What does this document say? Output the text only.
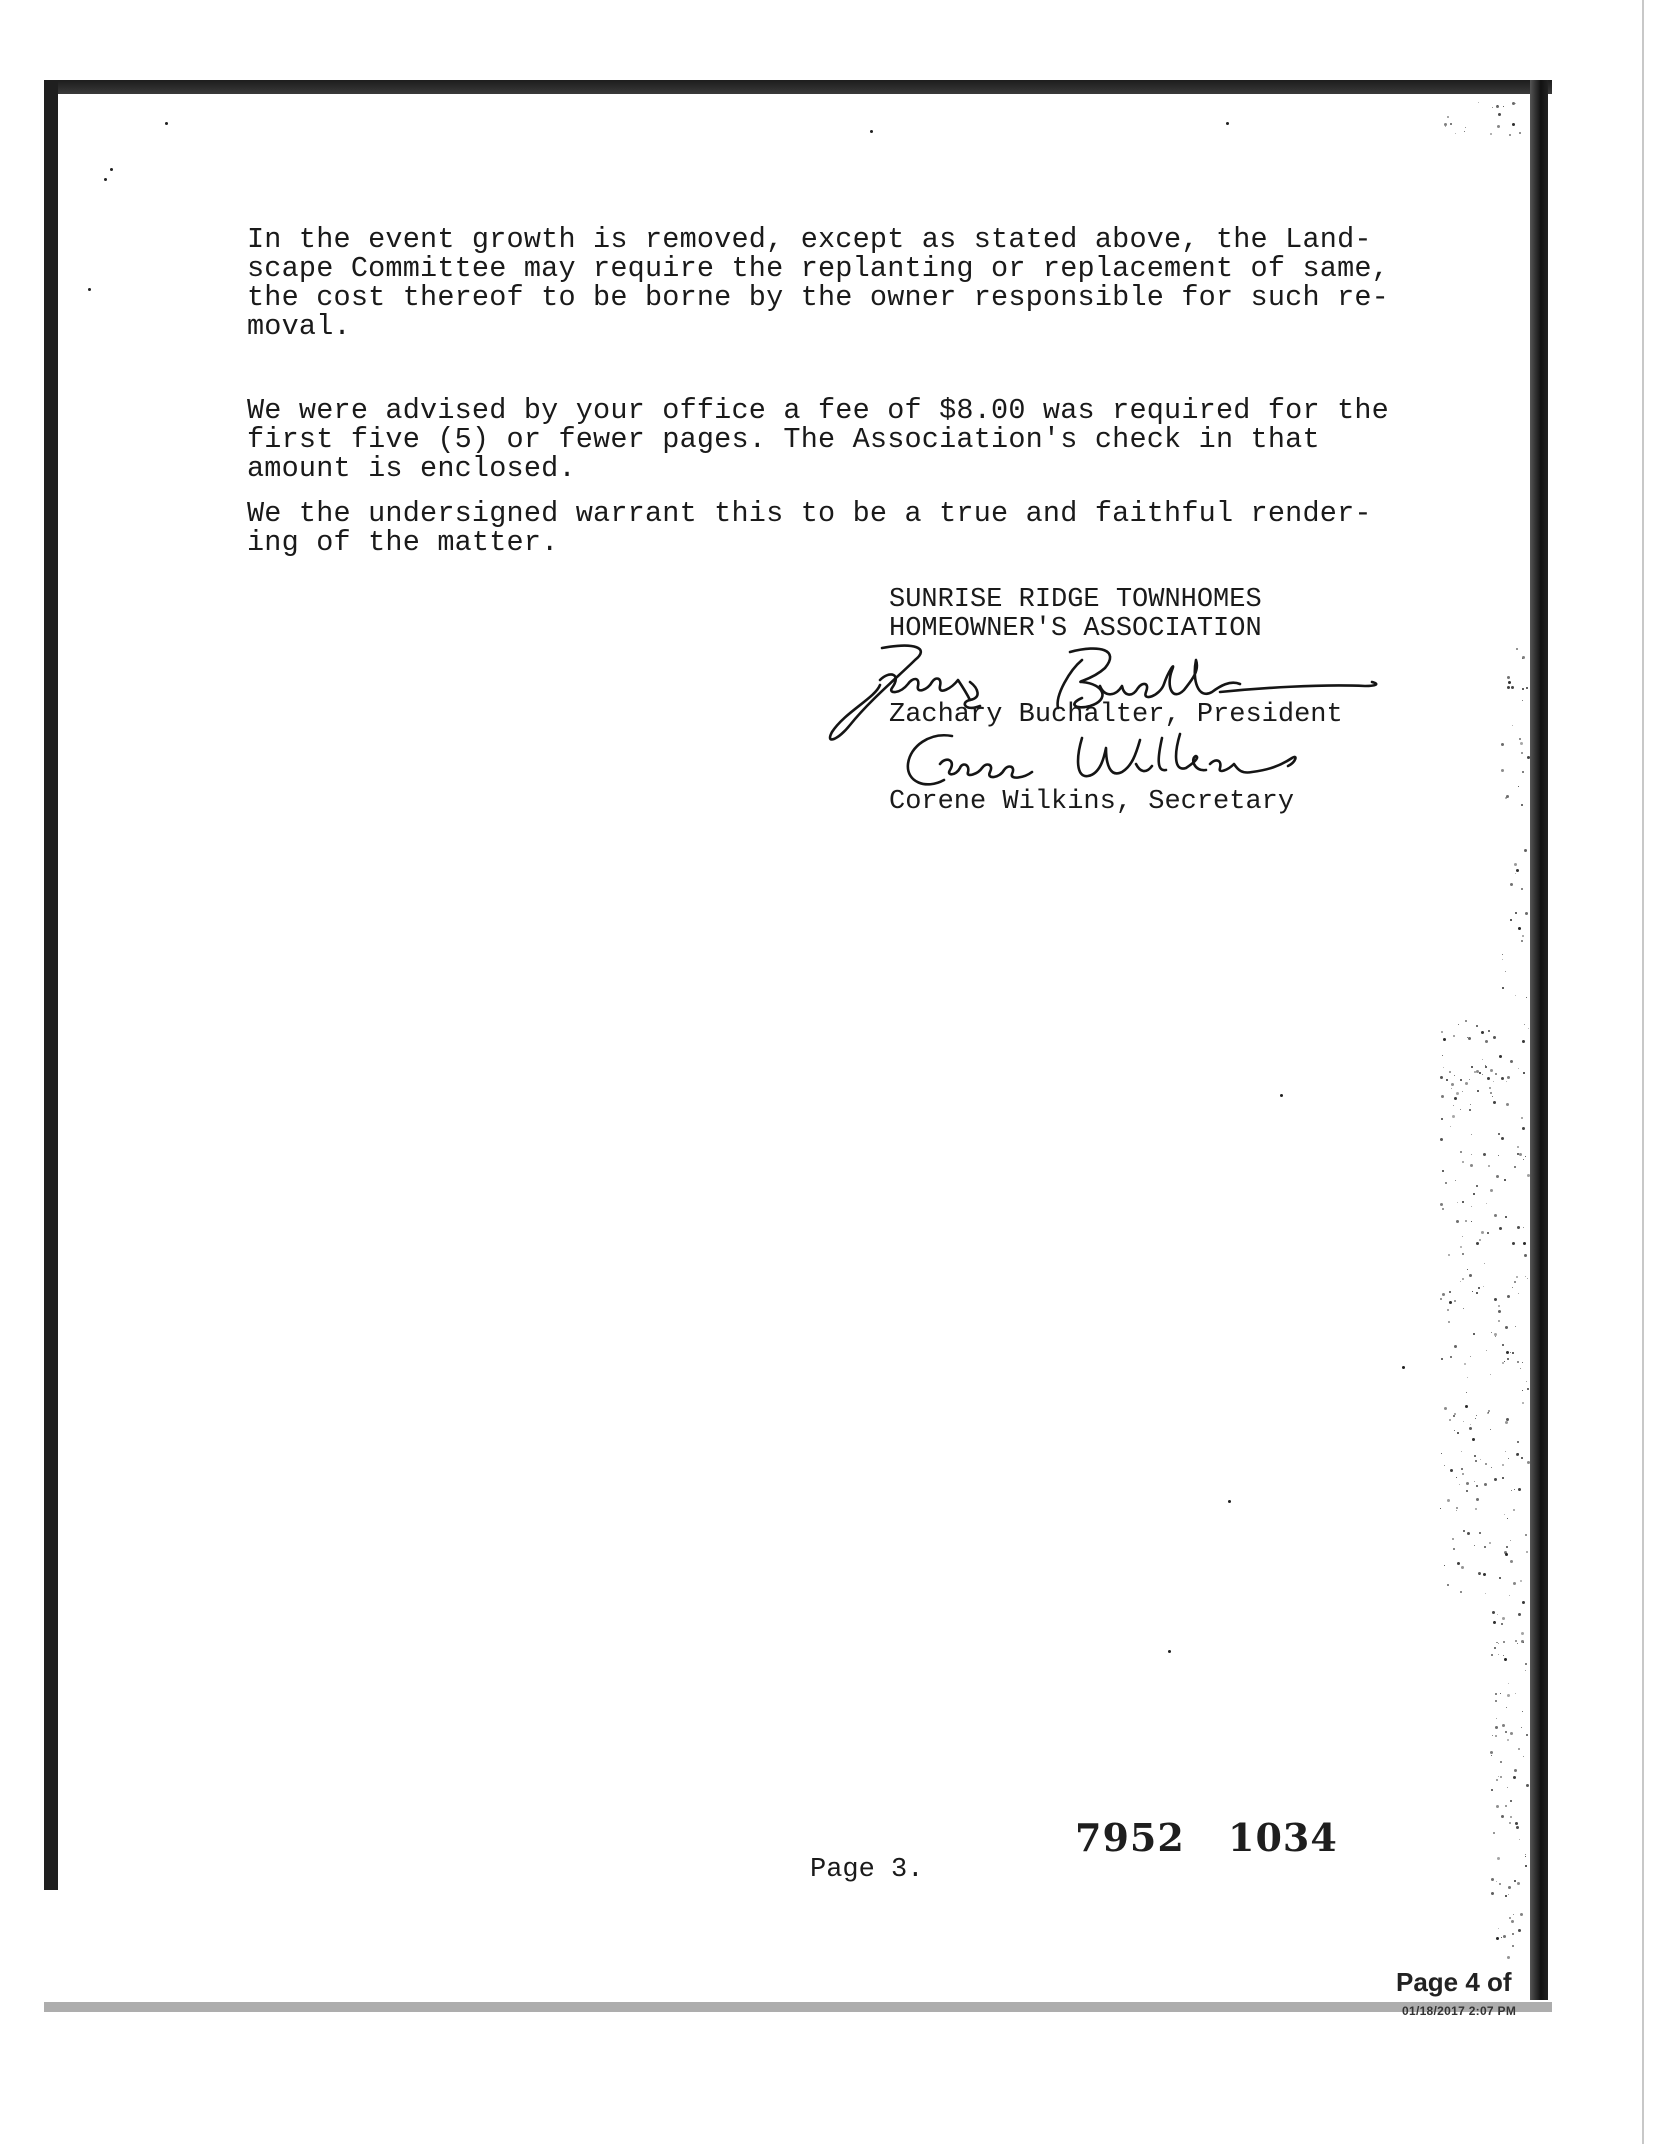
In the event growth is removed, except as stated above, the Land-
scape Committee may require the replanting or replacement of same,
the cost thereof to be borne by the owner responsible for such re-
moval.

We were advised by your office a fee of $8.00 was required for the
first five (5) or fewer pages. The Association's check in that
amount is enclosed.

We the undersigned warrant this to be a true and faithful render-
ing of the matter.

SUNRISE RIDGE TOWNHOMES

HOMEOWNER'S ASSOCIATION

Zachary Buchalter, President

Corene Wilkins, Secretary

Page 3.
7952 1034
Page 4 of
01/18/2017 2:07 PM
